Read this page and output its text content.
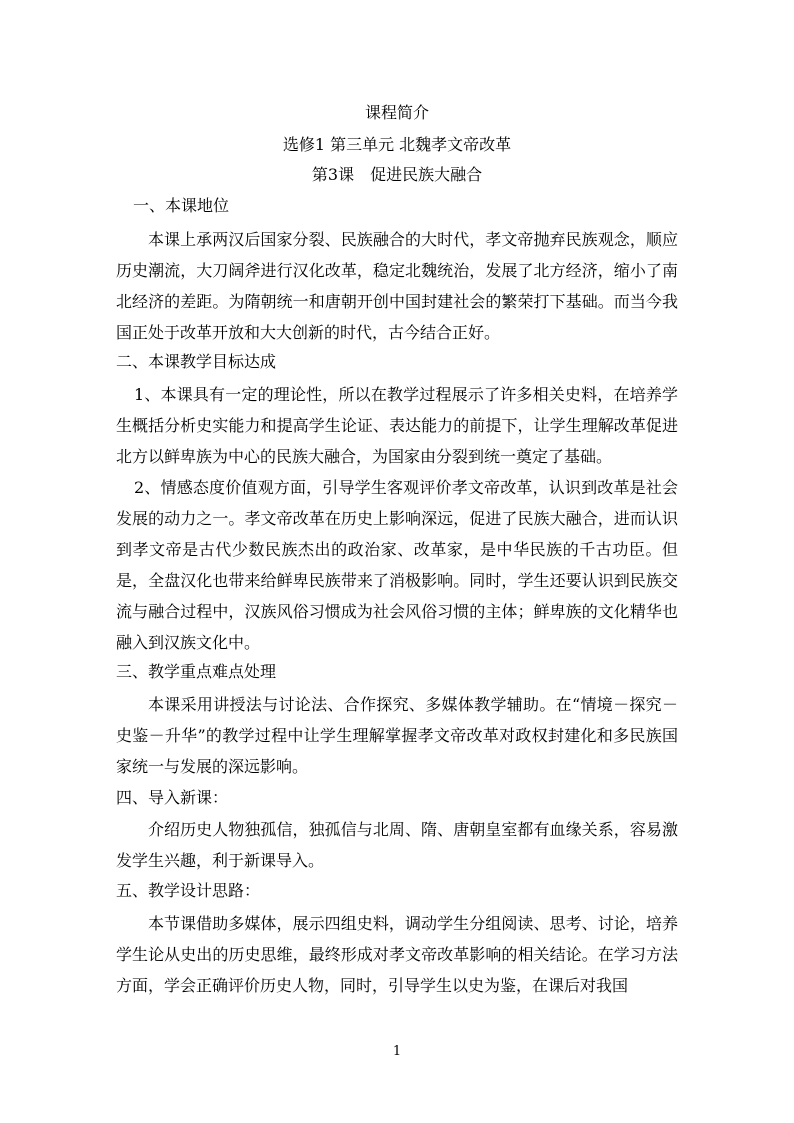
课程简介
选修1 第三单元 北魏孝文帝改革
第3课　促进民族大融合
一、本课地位
本课上承两汉后国家分裂、民族融合的大时代，孝文帝抛弃民族观念，顺应历史潮流，大刀阔斧进行汉化改革，稳定北魏统治，发展了北方经济，缩小了南北经济的差距。为隋朝统一和唐朝开创中国封建社会的繁荣打下基础。而当今我国正处于改革开放和大大创新的时代，古今结合正好。
二、本课教学目标达成
1、本课具有一定的理论性，所以在教学过程展示了许多相关史料，在培养学生概括分析史实能力和提高学生论证、表达能力的前提下，让学生理解改革促进北方以鲜卑族为中心的民族大融合，为国家由分裂到统一奠定了基础。
2、情感态度价值观方面，引导学生客观评价孝文帝改革，认识到改革是社会发展的动力之一。孝文帝改革在历史上影响深远，促进了民族大融合，进而认识到孝文帝是古代少数民族杰出的政治家、改革家，是中华民族的千古功臣。但是，全盘汉化也带来给鲜卑民族带来了消极影响。同时，学生还要认识到民族交流与融合过程中，汉族风俗习惯成为社会风俗习惯的主体；鲜卑族的文化精华也融入到汉族文化中。
三、教学重点难点处理
本课采用讲授法与讨论法、合作探究、多媒体教学辅助。在“情境－探究－史鉴－升华”的教学过程中让学生理解掌握孝文帝改革对政权封建化和多民族国家统一与发展的深远影响。
四、导入新课：
介绍历史人物独孤信，独孤信与北周、隋、唐朝皇室都有血缘关系，容易激发学生兴趣，利于新课导入。
五、教学设计思路：
本节课借助多媒体，展示四组史料，调动学生分组阅读、思考、讨论，培养学生论从史出的历史思维，最终形成对孝文帝改革影响的相关结论。在学习方法方面，学会正确评价历史人物，同时，引导学生以史为鉴，在课后对我国
1
